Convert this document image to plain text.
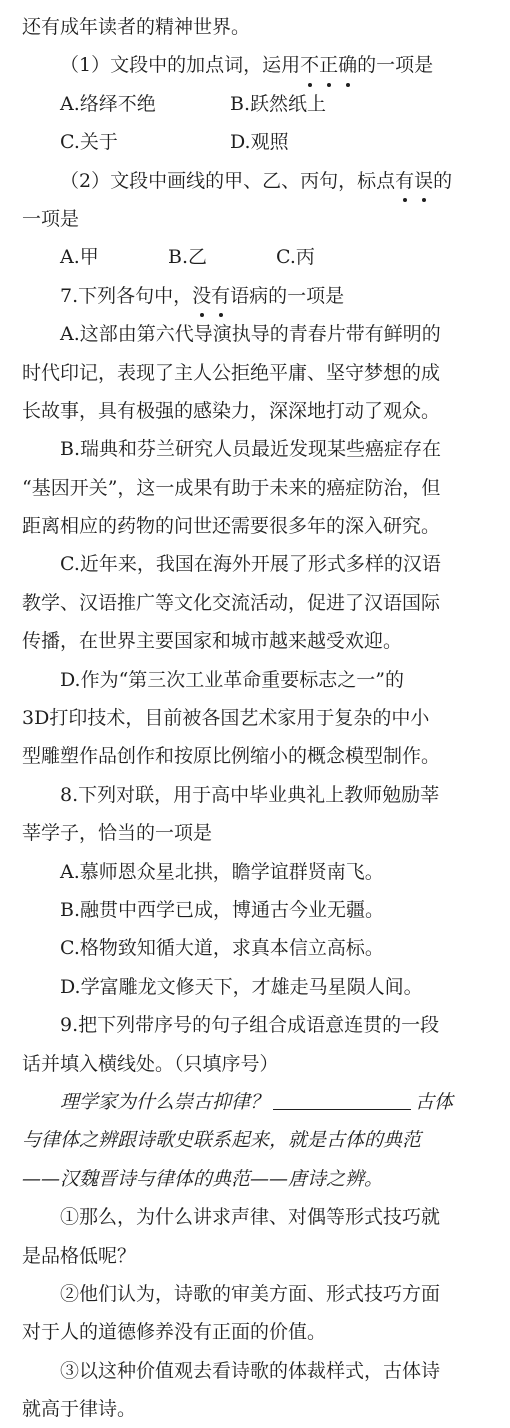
还有成年读者的精神世界。
（1）文段中的加点词，运用不正确的一项是
A.络绎不绝	B.跃然纸上
C.关于	D.观照
（2）文段中画线的甲、乙、丙句，标点有误的
一项是
A.甲	B.乙	C.丙
7.下列各句中，没有语病的一项是
A.这部由第六代导演执导的青春片带有鲜明的
时代印记，表现了主人公拒绝平庸、坚守梦想的成
长故事，具有极强的感染力，深深地打动了观众。
B.瑞典和芬兰研究人员最近发现某些癌症存在
“基因开关”，这一成果有助于未来的癌症防治，但
距离相应的药物的问世还需要很多年的深入研究。
C.近年来，我国在海外开展了形式多样的汉语
教学、汉语推广等文化交流活动，促进了汉语国际
传播，在世界主要国家和城市越来越受欢迎。
D.作为“第三次工业革命重要标志之一”的
3D打印技术，目前被各国艺术家用于复杂的中小
型雕塑作品创作和按原比例缩小的概念模型制作。
8.下列对联，用于高中毕业典礼上教师勉励莘
莘学子，恰当的一项是
A.慕师恩众星北拱，瞻学谊群贤南飞。
B.融贯中西学已成，博通古今业无疆。
C.格物致知循大道，求真本信立高标。
D.学富雕龙文修天下，才雄走马星陨人间。
9.把下列带序号的句子组合成语意连贯的一段
话并填入横线处。（只填序号）
理学家为什么崇古抑律？	古体
与律体之辨跟诗歌史联系起来，就是古体的典范
——汉魏晋诗与律体的典范——唐诗之辨。
①那么，为什么讲求声律、对偶等形式技巧就
是品格低呢？
②他们认为，诗歌的审美方面、形式技巧方面
对于人的道德修养没有正面的价值。
③以这种价值观去看诗歌的体裁样式，古体诗
就高于律诗。
